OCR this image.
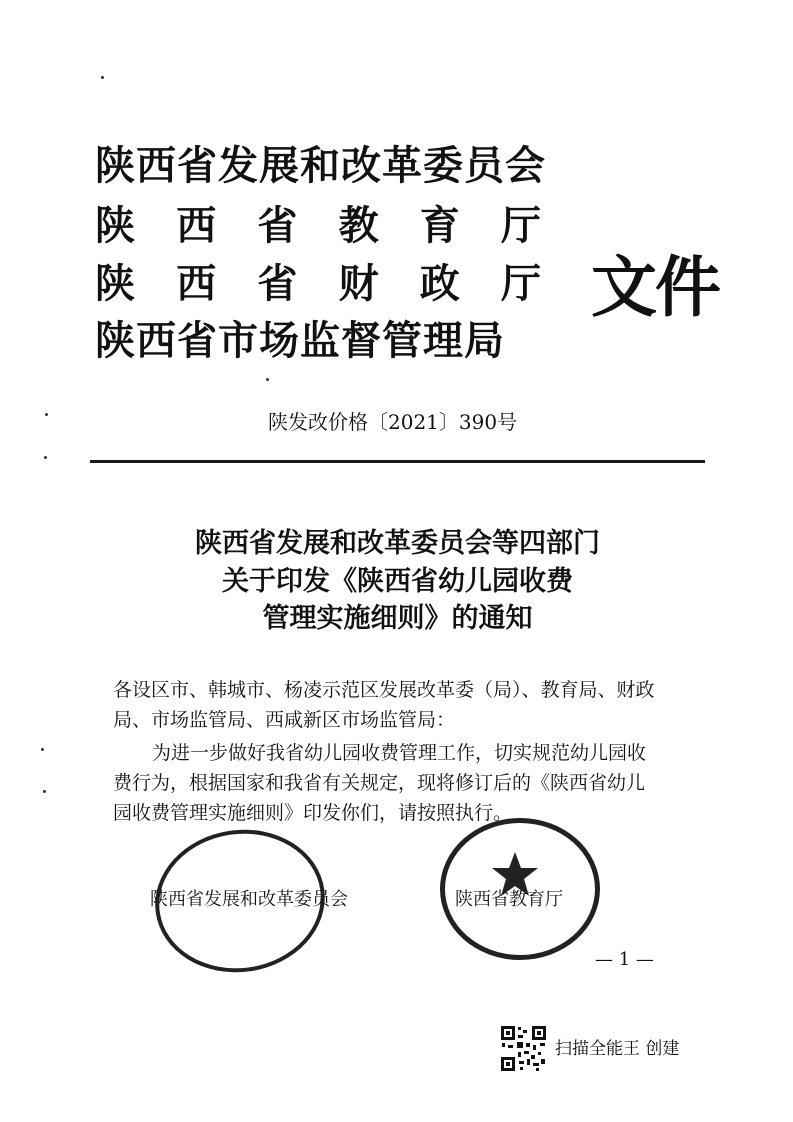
陕西省发展和改革委员会
陕 西 省 教 育 厅
陕 西 省 财 政 厅
陕西省市场监督管理局
文件
陕发改价格〔2021〕390号
陕西省发展和改革委员会等四部门
关于印发《陕西省幼儿园收费
管理实施细则》的通知
各设区市、韩城市、杨凌示范区发展改革委（局）、教育局、财政
局、市场监管局、西咸新区市场监管局：
为进一步做好我省幼儿园收费管理工作，切实规范幼儿园收
费行为，根据国家和我省有关规定，现将修订后的《陕西省幼儿
园收费管理实施细则》印发你们，请按照执行。
陕西省发展和改革委员会	陕西省教育厅
— 1 —
扫描全能王 创建
